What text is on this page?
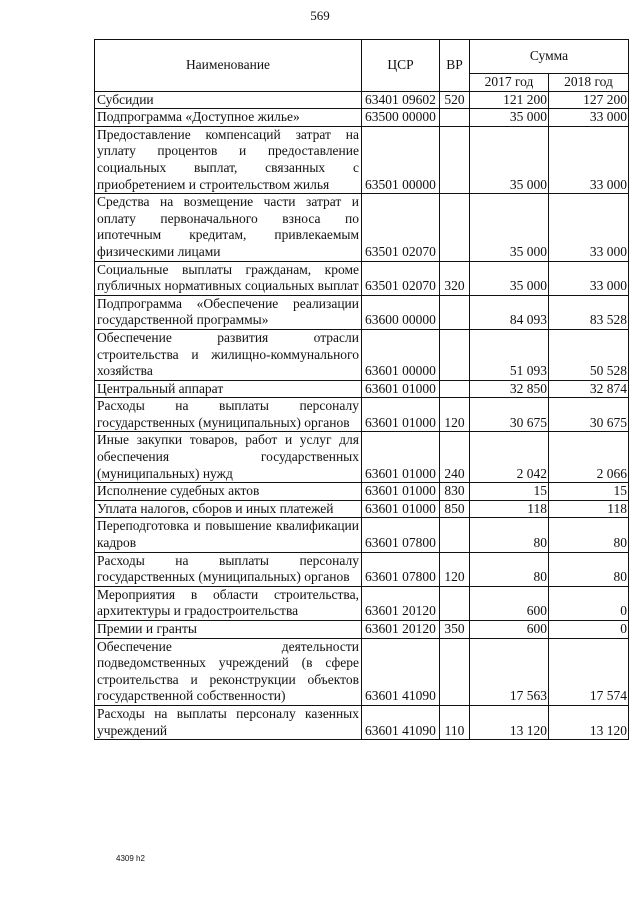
569
Наименование	ЦСР	ВР	Сумма	
			2017 год	2018 год
Субсидии	63401 09602	520	121 200	127 200
Подпрограмма «Доступное жилье»	63500 00000		35 000	33 000
Предоставление компенсаций затрат на уплату процентов и предоставление социальных выплат, связанных с приобретением и строительством жилья	63501 00000		35 000	33 000
Средства на возмещение части затрат и оплату первоначального взноса по ипотечным кредитам, привлекаемым физическими лицами	63501 02070		35 000	33 000
Социальные выплаты гражданам, кроме публичных нормативных социальных выплат	63501 02070	320	35 000	33 000
Подпрограмма «Обеспечение реализации государственной программы»	63600 00000		84 093	83 528
Обеспечение развития отрасли строительства и жилищно-коммунального хозяйства	63601 00000		51 093	50 528
Центральный аппарат	63601 01000		32 850	32 874
Расходы на выплаты персоналу государственных (муниципальных) органов	63601 01000	120	30 675	30 675
Иные закупки товаров, работ и услуг для обеспечения государственных (муниципальных) нужд	63601 01000	240	2 042	2 066
Исполнение судебных актов	63601 01000	830	15	15
Уплата налогов, сборов и иных платежей	63601 01000	850	118	118
Переподготовка и повышение квалификации кадров	63601 07800		80	80
Расходы на выплаты персоналу государственных (муниципальных) органов	63601 07800	120	80	80
Мероприятия в области строительства, архитектуры и градостроительства	63601 20120		600	0
Премии и гранты	63601 20120	350	600	0
Обеспечение деятельности подведомственных учреждений (в сфере строительства и реконструкции объектов государственной собственности)	63601 41090		17 563	17 574
Расходы на выплаты персоналу казенных учреждений	63601 41090	110	13 120	13 120
4309 h2
